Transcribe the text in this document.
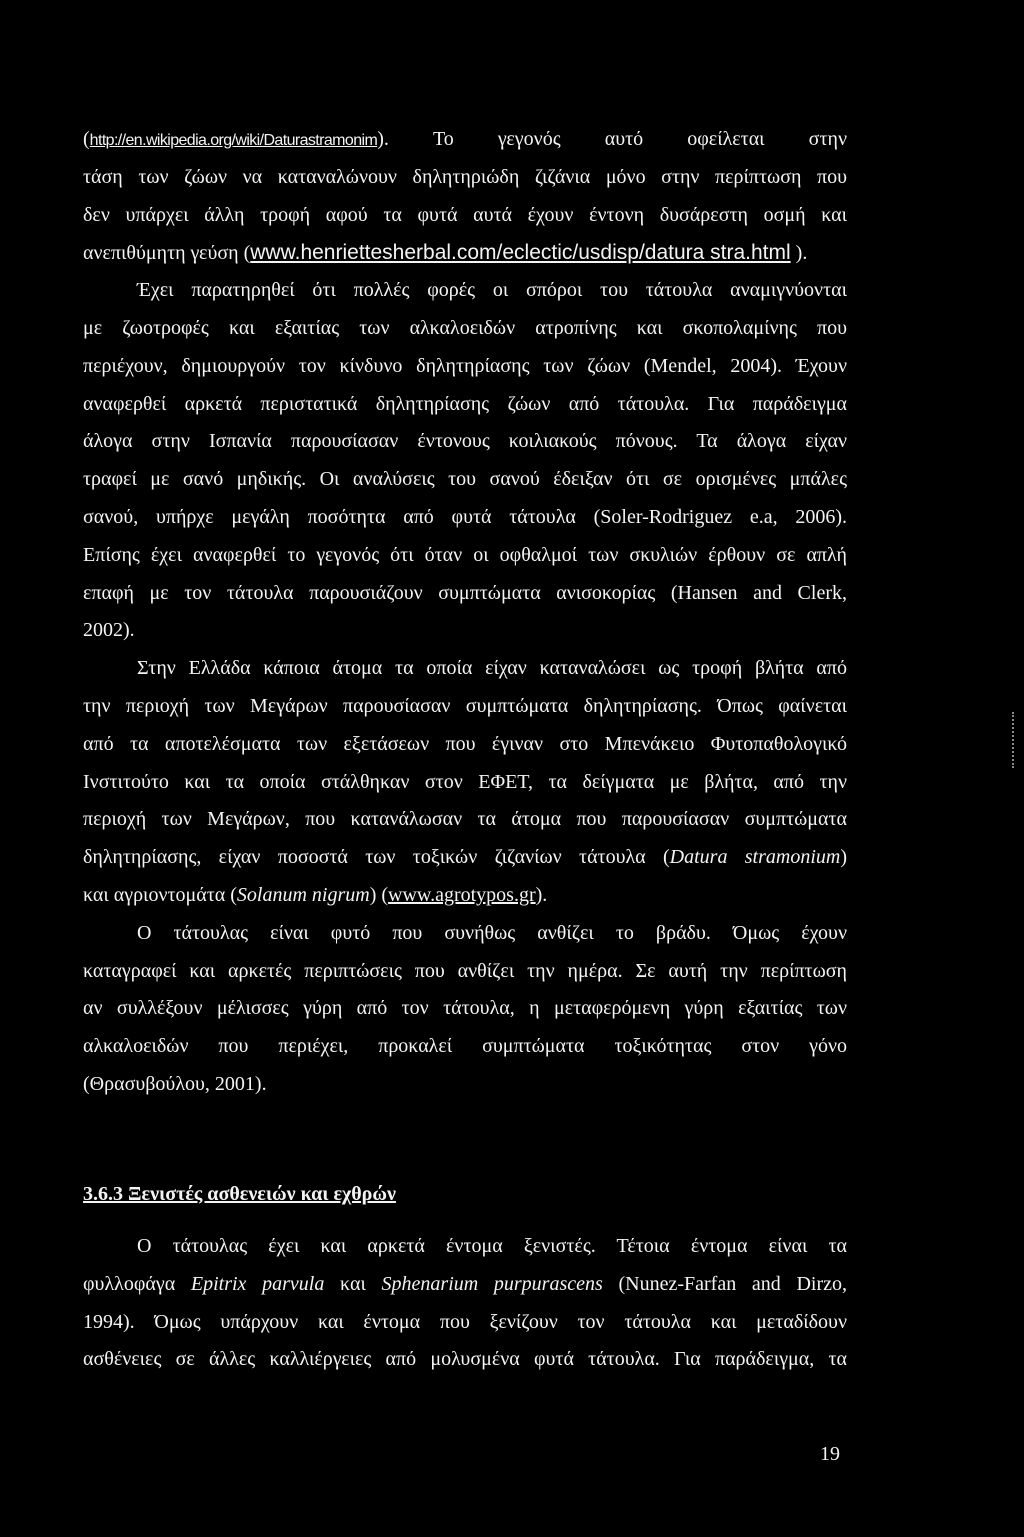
(http://en.wikipedia.org/wiki/Daturastramonim). Το γεγονός αυτό οφείλεται στην
τάση των ζώων να καταναλώνουν δηλητηριώδη ζιζάνια μόνο στην περίπτωση που
δεν υπάρχει άλλη τροφή αφού τα φυτά αυτά έχουν έντονη δυσάρεστη οσμή και
ανεπιθύμητη γεύση (www.henriettesherbal.com/eclectic/usdisp/datura stra.html ).
Έχει παρατηρηθεί ότι πολλές φορές οι σπόροι του τάτουλα αναμιγνύονται
με ζωοτροφές και εξαιτίας των αλκαλοειδών ατροπίνης και σκοπολαμίνης που
περιέχουν, δημιουργούν τον κίνδυνο δηλητηρίασης των ζώων (Mendel, 2004). Έχουν
αναφερθεί αρκετά περιστατικά δηλητηρίασης ζώων από τάτουλα. Για παράδειγμα
άλογα στην Ισπανία παρουσίασαν έντονους κοιλιακούς πόνους. Τα άλογα είχαν
τραφεί με σανό μηδικής. Οι αναλύσεις του σανού έδειξαν ότι σε ορισμένες μπάλες
σανού, υπήρχε μεγάλη ποσότητα από φυτά τάτουλα (Soler-Rodriguez e.a, 2006).
Επίσης έχει αναφερθεί το γεγονός ότι όταν οι οφθαλμοί των σκυλιών έρθουν σε απλή
επαφή με τον τάτουλα παρουσιάζουν συμπτώματα ανισοκορίας (Hansen and Clerk,
2002).
Στην Ελλάδα κάποια άτομα τα οποία είχαν καταναλώσει ως τροφή βλήτα από
την περιοχή των Μεγάρων παρουσίασαν συμπτώματα δηλητηρίασης. Όπως φαίνεται
από τα αποτελέσματα των εξετάσεων που έγιναν στο Μπενάκειο Φυτοπαθολογικό
Ινστιτούτο και τα οποία στάλθηκαν στον ΕΦΕΤ, τα δείγματα με βλήτα, από την
περιοχή των Μεγάρων, που κατανάλωσαν τα άτομα που παρουσίασαν συμπτώματα
δηλητηρίασης, είχαν ποσοστά των τοξικών ζιζανίων τάτουλα (Datura stramonium)
και αγριοντομάτα (Solanum nigrum) (www.agrotypos.gr).
Ο τάτουλας είναι φυτό που συνήθως ανθίζει το βράδυ. Όμως έχουν
καταγραφεί και αρκετές περιπτώσεις που ανθίζει την ημέρα. Σε αυτή την περίπτωση
αν συλλέξουν μέλισσες γύρη από τον τάτουλα, η μεταφερόμενη γύρη εξαιτίας των
αλκαλοειδών που περιέχει, προκαλεί συμπτώματα τοξικότητας στον γόνο
(Θρασυβούλου, 2001).
3.6.3 Ξενιστές ασθενειών και εχθρών
Ο τάτουλας έχει και αρκετά έντομα ξενιστές. Τέτοια έντομα είναι τα
φυλλοφάγα Epitrix parvula και Sphenarium purpurascens (Nunez-Farfan and Dirzo,
1994). Όμως υπάρχουν και έντομα που ξενίζουν τον τάτουλα και μεταδίδουν
ασθένειες σε άλλες καλλιέργειες από μολυσμένα φυτά τάτουλα. Για παράδειγμα, τα
19
